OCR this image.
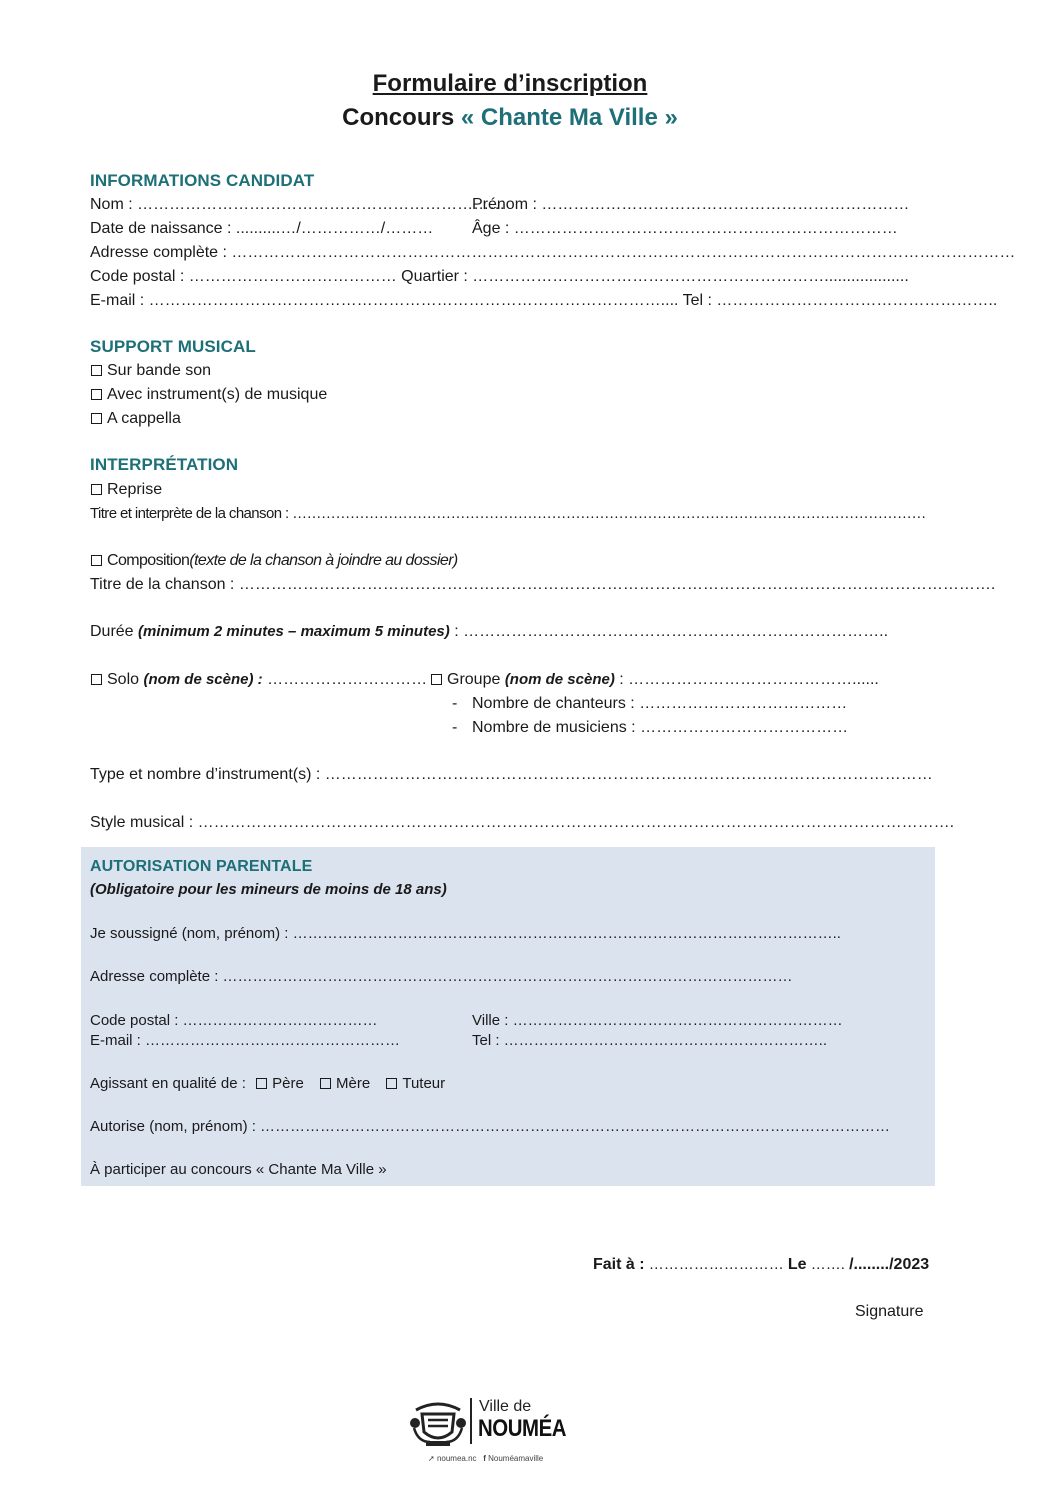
Formulaire d’inscription
Concours « Chante Ma Ville »
INFORMATIONS CANDIDAT
Nom : ……………………………………………………………
Prénom : ……………………………………………………………
Date de naissance : ..........…/……………/……… Âge : ………………………………………………………………
Adresse complète : …………………………………………………………………………………………………………………………………
Code postal : ………………………………… Quartier : …………………………………………………………...................
E-mail : …………………………………………………………………………………….... Tel : ……………………………………………..
SUPPORT MUSICAL
Sur bande son
Avec instrument(s) de musique
A cappella
INTERPRÉTATION
Reprise
Titre et interprète de la chanson : ……………………………………………………………………………………………………………………
Composition(texte de la chanson à joindre au dossier)
Titre de la chanson : …………………………………………………………………………………………………………………………….
Durée (minimum 2 minutes – maximum 5 minutes) : ……………………………………………………………………..
Solo (nom de scène) : …………………………	Groupe (nom de scène) : ……………………………………......
- Nombre de chanteurs : …………………………………
- Nombre de musiciens : …………………………………
Type et nombre d’instrument(s) : ……………………………………………………………………………………………………
Style musical : …………………………………………………………………………………………………………………………….
AUTORISATION PARENTALE
(Obligatoire pour les mineurs de moins de 18 ans)
Je soussigné (nom, prénom) : ………………………………………………………………………………………………..
Adresse complète : ……………………………………………………………………………………………………
Code postal : …………………………………	Ville : …………………………………………………………
E-mail : ……………………………………………	Tel : ………………………………………………………..
Agissant en qualité de : Père Mère Tuteur
Autorise (nom, prénom) : ………………………………………………………………………………………………………………
À participer au concours « Chante Ma Ville »
Fait à : ……………………… Le ……. /......../2023
Signature
Ville de
NOUMÉA
➚ noumea.nc f Nouméamaville
